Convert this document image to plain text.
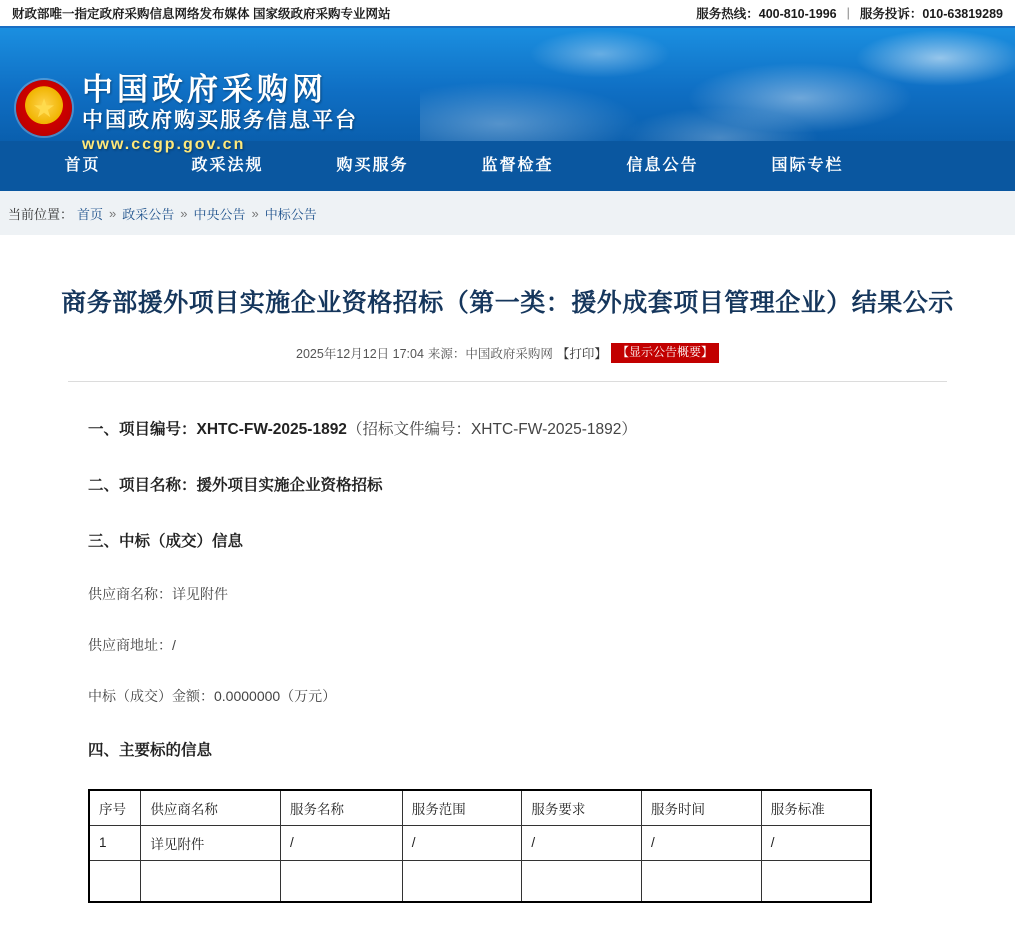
财政部唯一指定政府采购信息网络发布媒体 国家级政府采购专业网站	服务热线：400-810-1996 | 服务投诉：010-63819289
★
中国政府采购网
中国政府购买服务信息平台
www.ccgp.gov.cn
首页	政采法规	购买服务	监督检查	信息公告	国际专栏
当前位置： 首页 » 政采公告 » 中央公告 » 中标公告
商务部援外项目实施企业资格招标（第一类：援外成套项目管理企业）结果公示
2025年12月12日 17:04 来源：中国政府采购网 【打印】 【显示公告概要】

一、项目编号：XHTC-FW-2025-1892（招标文件编号：XHTC-FW-2025-1892）

二、项目名称：援外项目实施企业资格招标

三、中标（成交）信息

供应商名称：详见附件

供应商地址：/

中标（成交）金额：0.0000000（万元）

四、主要标的信息

序号	供应商名称	服务名称	服务范围	服务要求	服务时间	服务标准
1	详见附件	/	/	/	/	/
